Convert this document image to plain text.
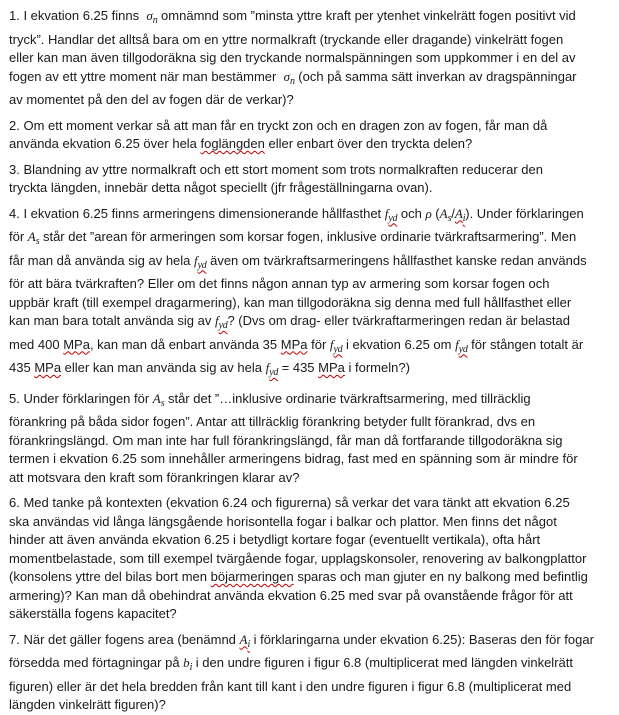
1. I ekvation 6.25 finns  $\sigma_n$ omnämnd som ”minsta yttre kraft per ytenhet vinkelrätt fogen positivt vid
tryck”. Handlar det alltså bara om en yttre normalkraft (tryckande eller dragande) vinkelrätt fogen
eller kan man även tillgodoräkna sig den tryckande normalspänningen som uppkommer i en del av
fogen av ett yttre moment när man bestämmer  $\sigma_n$ (och på samma sätt inverkan av dragspänningar
av momentet på den del av fogen där de verkar)?

2. Om ett moment verkar så att man får en tryckt zon och en dragen zon av fogen, får man då
använda ekvation 6.25 över hela foglängden eller enbart över den tryckta delen?

3. Blandning av yttre normalkraft och ett stort moment som trots normalkraften reducerar den
tryckta längden, innebär detta något speciellt (jfr frågeställningarna ovan).

4. I ekvation 6.25 finns armeringens dimensionerande hållfasthet $f_{yd}$ och ρ $(A_s/A_i)$. Under förklaringen
för $A_s$ står det ”arean för armeringen som korsar fogen, inklusive ordinarie tvärkraftsarmering”. Men
får man då använda sig av hela $f_{yd}$ även om tvärkraftsarmeringens hållfasthet kanske redan används
för att bära tvärkraften? Eller om det finns någon annan typ av armering som korsar fogen och
uppbär kraft (till exempel dragarmering), kan man tillgodoräkna sig denna med full hållfasthet eller
kan man bara totalt använda sig av $f_{yd}$? (Dvs om drag- eller tvärkraftarmeringen redan är belastad
med 400 MPa, kan man då enbart använda 35 MPa för $f_{yd}$ i ekvation 6.25 om $f_{yd}$ för stången totalt är
435 MPa eller kan man använda sig av hela $f_{yd} = 435$ MPa i formeln?)

5. Under förklaringen för $A_s$ står det ”…inklusive ordinarie tvärkraftsarmering, med tillräcklig
förankring på båda sidor fogen”. Antar att tillräcklig förankring betyder fullt förankrad, dvs en
förankringslängd. Om man inte har full förankringslängd, får man då fortfarande tillgodoräkna sig
termen i ekvation 6.25 som innehåller armeringens bidrag, fast med en spänning som är mindre för
att motsvara den kraft som förankringen klarar av?

6. Med tanke på kontexten (ekvation 6.24 och figurerna) så verkar det vara tänkt att ekvation 6.25
ska användas vid långa längsgående horisontella fogar i balkar och plattor. Men finns det något
hinder att även använda ekvation 6.25 i betydligt kortare fogar (eventuellt vertikala), ofta hårt
momentbelastade, som till exempel tvärgående fogar, upplagskonsoler, renovering av balkongplattor
(konsolens yttre del bilas bort men böjarmeringen sparas och man gjuter en ny balkong med befintlig
armering)? Kan man då obehindrat använda ekvation 6.25 med svar på ovanstående frågor för att
säkerställa fogens kapacitet?

7. När det gäller fogens area (benämnd $A_i$ i förklaringarna under ekvation 6.25): Baseras den för fogar
försedda med förtagningar på $b_i$ i den undre figuren i figur 6.8 (multiplicerat med längden vinkelrätt
figuren) eller är det hela bredden från kant till kant i den undre figuren i figur 6.8 (multiplicerat med
längden vinkelrätt figuren)?
